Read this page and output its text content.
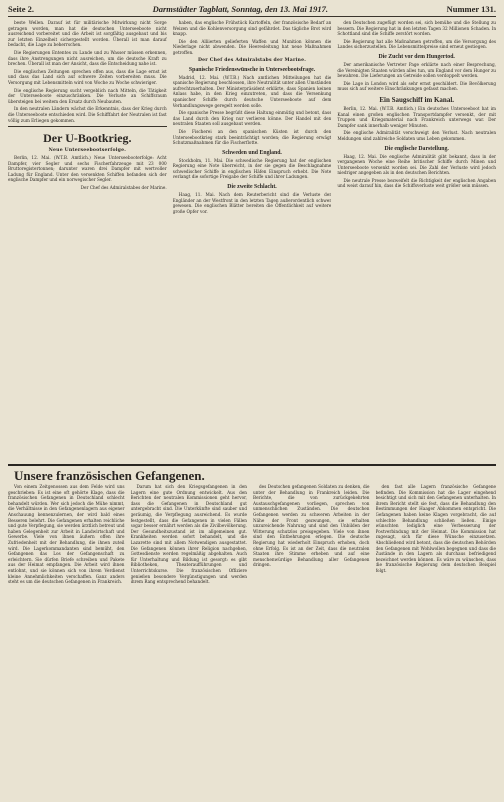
Seite 2.	Darmstädter Tagblatt, Sonntag, den 13. Mai 1917.	Nummer 131.

beste Wellen. Darauf ist für militärische Mitwirkung nicht Sorge getragen worden, man hat die deutschen Unterseeboote nicht ausreichend vorbereitet und die Arbeit ist sorgfältig ausgebaut und bis zur letzten Einzelheit sichergestellt worden. Überall ist man darauf bedacht, die Lage zu beherrschen.

Die Regierungen Ententes zu Lande und zu Wasser müssen erkennen, dass ihre Anstrengungen nicht ausreichen, um die deutsche Kraft zu brechen. Überall ist man der Ansicht, dass die Entscheidung nahe ist.

Die englischen Zeitungen sprechen offen aus, dass die Lage ernst ist und dass das Land sich auf schwere Zeiten vorbereiten muss. Die Versorgung mit Lebensmitteln wird von Woche zu Woche schwieriger.

Die englische Regierung sucht vergeblich nach Mitteln, die Tätigkeit der Unterseeboote einzuschränken. Die Verluste an Schiffsraum übersteigen bei weitem den Ersatz durch Neubauten.

In den neutralen Ländern wächst die Erkenntnis, dass der Krieg durch die Unterseeboote entschieden wird. Die Schifffahrt der Neutralen ist fast völlig zum Erliegen gekommen.

Der U-Bootkrieg.
Neue Unterseebootserfolge.

Berlin, 12. Mai. (W.T.B. Amtlich.) Neue Unterseebooterfolge: Acht Dampfer, vier Segler und sechs Fischerfahrzeuge mit 23 000 Bruttoregistertonnen; darunter waren drei Dampfer mit wertvoller Ladung für England. Unter den versenkten Schiffen befanden sich der englische Dampfer und ein norwegischer Segler.

Der Chef des Admiralstabes der Marine.

haben, das englische Frühstück Kartoffeln, der französische Bedarf an Weizen und die Kohlenversorgung sind gefährdet. Das tägliche Brot wird knapp.

Die den Alliierten gelieferten Waffen und Munition können die Niederlage nicht abwenden. Die Heeresleitung hat neue Maßnahmen getroffen.

Der Chef des Admiralstabs der Marine.
Spanische Friedenswünsche in Unterseebootsfrage.

Madrid, 12. Mai. (W.T.B.) Nach amtlichen Mitteilungen hat die spanische Regierung beschlossen, ihre Neutralität unter allen Umständen aufrechtzuerhalten. Der Ministerpräsident erklärte, dass Spanien keinen Anlass habe, in den Krieg einzutreten, und dass die Versenkung spanischer Schiffe durch deutsche Unterseeboote auf dem Verhandlungswege geregelt werden solle.

Die spanische Presse begrüßt diese Haltung einmütig und betont, dass das Land durch den Krieg nur verlieren könne. Der Handel mit den neutralen Staaten soll ausgebaut werden.

Die Fischerei an den spanischen Küsten ist durch den Unterseebootkrieg stark beeinträchtigt worden; die Regierung erwägt Schutzmaßnahmen für die Fischerflotte.

Schweden und England.

Stockholm, 11. Mai. Die schwedische Regierung hat der englischen Regierung eine Note überreicht, in der sie gegen die Beschlagnahme schwedischer Schiffe in englischen Häfen Einspruch erhebt. Die Note verlangt die sofortige Freigabe der Schiffe und ihrer Ladungen.

Die zweite Schlacht.

Haag, 11. Mai. Nach dem Reuterbericht sind die Verluste der Engländer an der Westfront in den letzten Tagen außerordentlich schwer gewesen. Die englischen Blätter bereiten die Öffentlichkeit auf weitere große Opfer vor.

den Deutschen zugefügt worden sei, sich bemühe und die Stellung zu bessern. Die Regierung hat in den letzten Tagen 32 Millionen Schaden. In Schottland sind die Schiffe zerstört worden.

Die Regierung hat alle Maßnahmen getroffen, um die Versorgung des Landes sicherzustellen. Die Lebensmittelpreise sind erneut gestiegen.

Die Zucht vor dem Hungertod.

Der amerikanische Vertreter Page erklärte nach einer Besprechung, die Vereinigten Staaten würden alles tun, um England vor dem Hunger zu bewahren. Die Lieferungen an Getreide sollen verdoppelt werden.

Die Lage in London wird als sehr ernst geschildert. Die Bevölkerung muss sich auf weitere Einschränkungen gefasst machen.

Ein Saugschiff im Kanal.

Berlin, 12. Mai. (W.T.B. Amtlich.) Ein deutsches Unterseeboot hat im Kanal einen großen englischen Transportdampfer versenkt, der mit Truppen und Kriegsmaterial nach Frankreich unterwegs war. Der Dampfer sank innerhalb weniger Minuten.

Die englische Admiralität verschweigt den Verlust. Nach neutralen Meldungen sind zahlreiche Soldaten ums Leben gekommen.

Die englische Darstellung.

Haag, 12. Mai. Die englische Admiralität gibt bekannt, dass in der vergangenen Woche eine Reihe britischer Schiffe durch Minen und Unterseeboote versenkt worden sei. Die Zahl der Verluste wird jedoch niedriger angegeben als in den deutschen Berichten.

Die neutrale Presse bezweifelt die Richtigkeit der englischen Angaben und weist darauf hin, dass die Schiffsverluste weit größer sein müssen.

Unsere französischen Gefangenen.

Von einem Zeitgenossen aus dem Felde wird uns geschrieben: Es ist eine oft gehörte Klage, dass die französischen Gefangenen in Deutschland schlecht behandelt würden. Wer sich jedoch die Mühe nimmt, die Verhältnisse in den Gefangenenlagern aus eigener Anschauung kennenzulernen, der wird bald eines Besseren belehrt. Die Gefangenen erhalten reichliche und gute Verpflegung, sie werden ärztlich betreut und haben Gelegenheit zur Arbeit in Landwirtschaft und Gewerbe. Viele von ihnen äußern offen ihre Zufriedenheit mit der Behandlung, die ihnen zuteil wird. Die Lagerkommandanten sind bemüht, den Gefangenen das Los der Gefangenschaft zu erleichtern. Sie dürfen Briefe schreiben und Pakete aus der Heimat empfangen. Die Arbeit wird ihnen entlohnt, und sie können sich von ihrem Verdienst kleine Annehmlichkeiten verschaffen. Ganz anders steht es um die deutschen Gefangenen in Frankreich.

Darum hat sich den Kriegsgefangenen in den Lagern eine gute Ordnung entwickelt. Aus den Berichten der neutralen Kommissionen geht hervor, dass die Gefangenen in Deutschland gut untergebracht sind. Die Unterkünfte sind sauber und geräumig, die Verpflegung ausreichend. Es wurde festgestellt, dass die Gefangenen in vielen Fällen sogar besser ernährt werden als die Zivilbevölkerung. Der Gesundheitszustand ist im allgemeinen gut. Krankheiten werden sofort behandelt, und die Lazarette sind mit allem Notwendigen ausgestattet. Die Gefangenen können ihrer Religion nachgehen, Gottesdienste werden regelmäßig abgehalten. Auch für Unterhaltung und Bildung ist gesorgt: es gibt Bibliotheken, Theateraufführungen und Unterrichtskurse. Die französischen Offiziere genießen besondere Vergünstigungen und werden ihrem Rang entsprechend behandelt.

des Deutschen gefangenen Soldaten zu denken, die unter der Behandlung in Frankreich leiden. Die Berichte, die von zurückgekehrten Austauschgefangenen vorliegen, sprechen von unmenschlichen Zuständen. Die deutschen Gefangenen werden zu schweren Arbeiten in der Nähe der Front gezwungen, sie erhalten unzureichende Nahrung und sind den Unbilden der Witterung schutzlos preisgegeben. Viele von ihnen sind den Entbehrungen erlegen. Die deutsche Regierung hat wiederholt Einspruch erhoben, doch ohne Erfolg. Es ist an der Zeit, dass die neutralen Staaten ihre Stimme erheben und auf eine menschenwürdige Behandlung aller Gefangenen dringen.

den fast alle Lagern französische Gefangene befinden. Die Kommission hat die Lager eingehend besichtigt und sich mit den Gefangenen unterhalten. In ihrem Bericht stellt sie fest, dass die Behandlung den Bestimmungen der Haager Abkommen entspricht. Die Gefangenen haben keine Klagen vorgebracht, die auf schlechte Behandlung schließen ließen. Einige wünschten lediglich eine Verbesserung der Postverbindung mit der Heimat. Die Kommission hat zugesagt, sich für diese Wünsche einzusetzen. Abschließend wird betont, dass die deutschen Behörden den Gefangenen mit Wohlwollen begegnen und dass die Zustände in den Lagern als durchaus befriedigend bezeichnet werden können. Es wäre zu wünschen, dass die französische Regierung dem deutschen Beispiel folgt.
